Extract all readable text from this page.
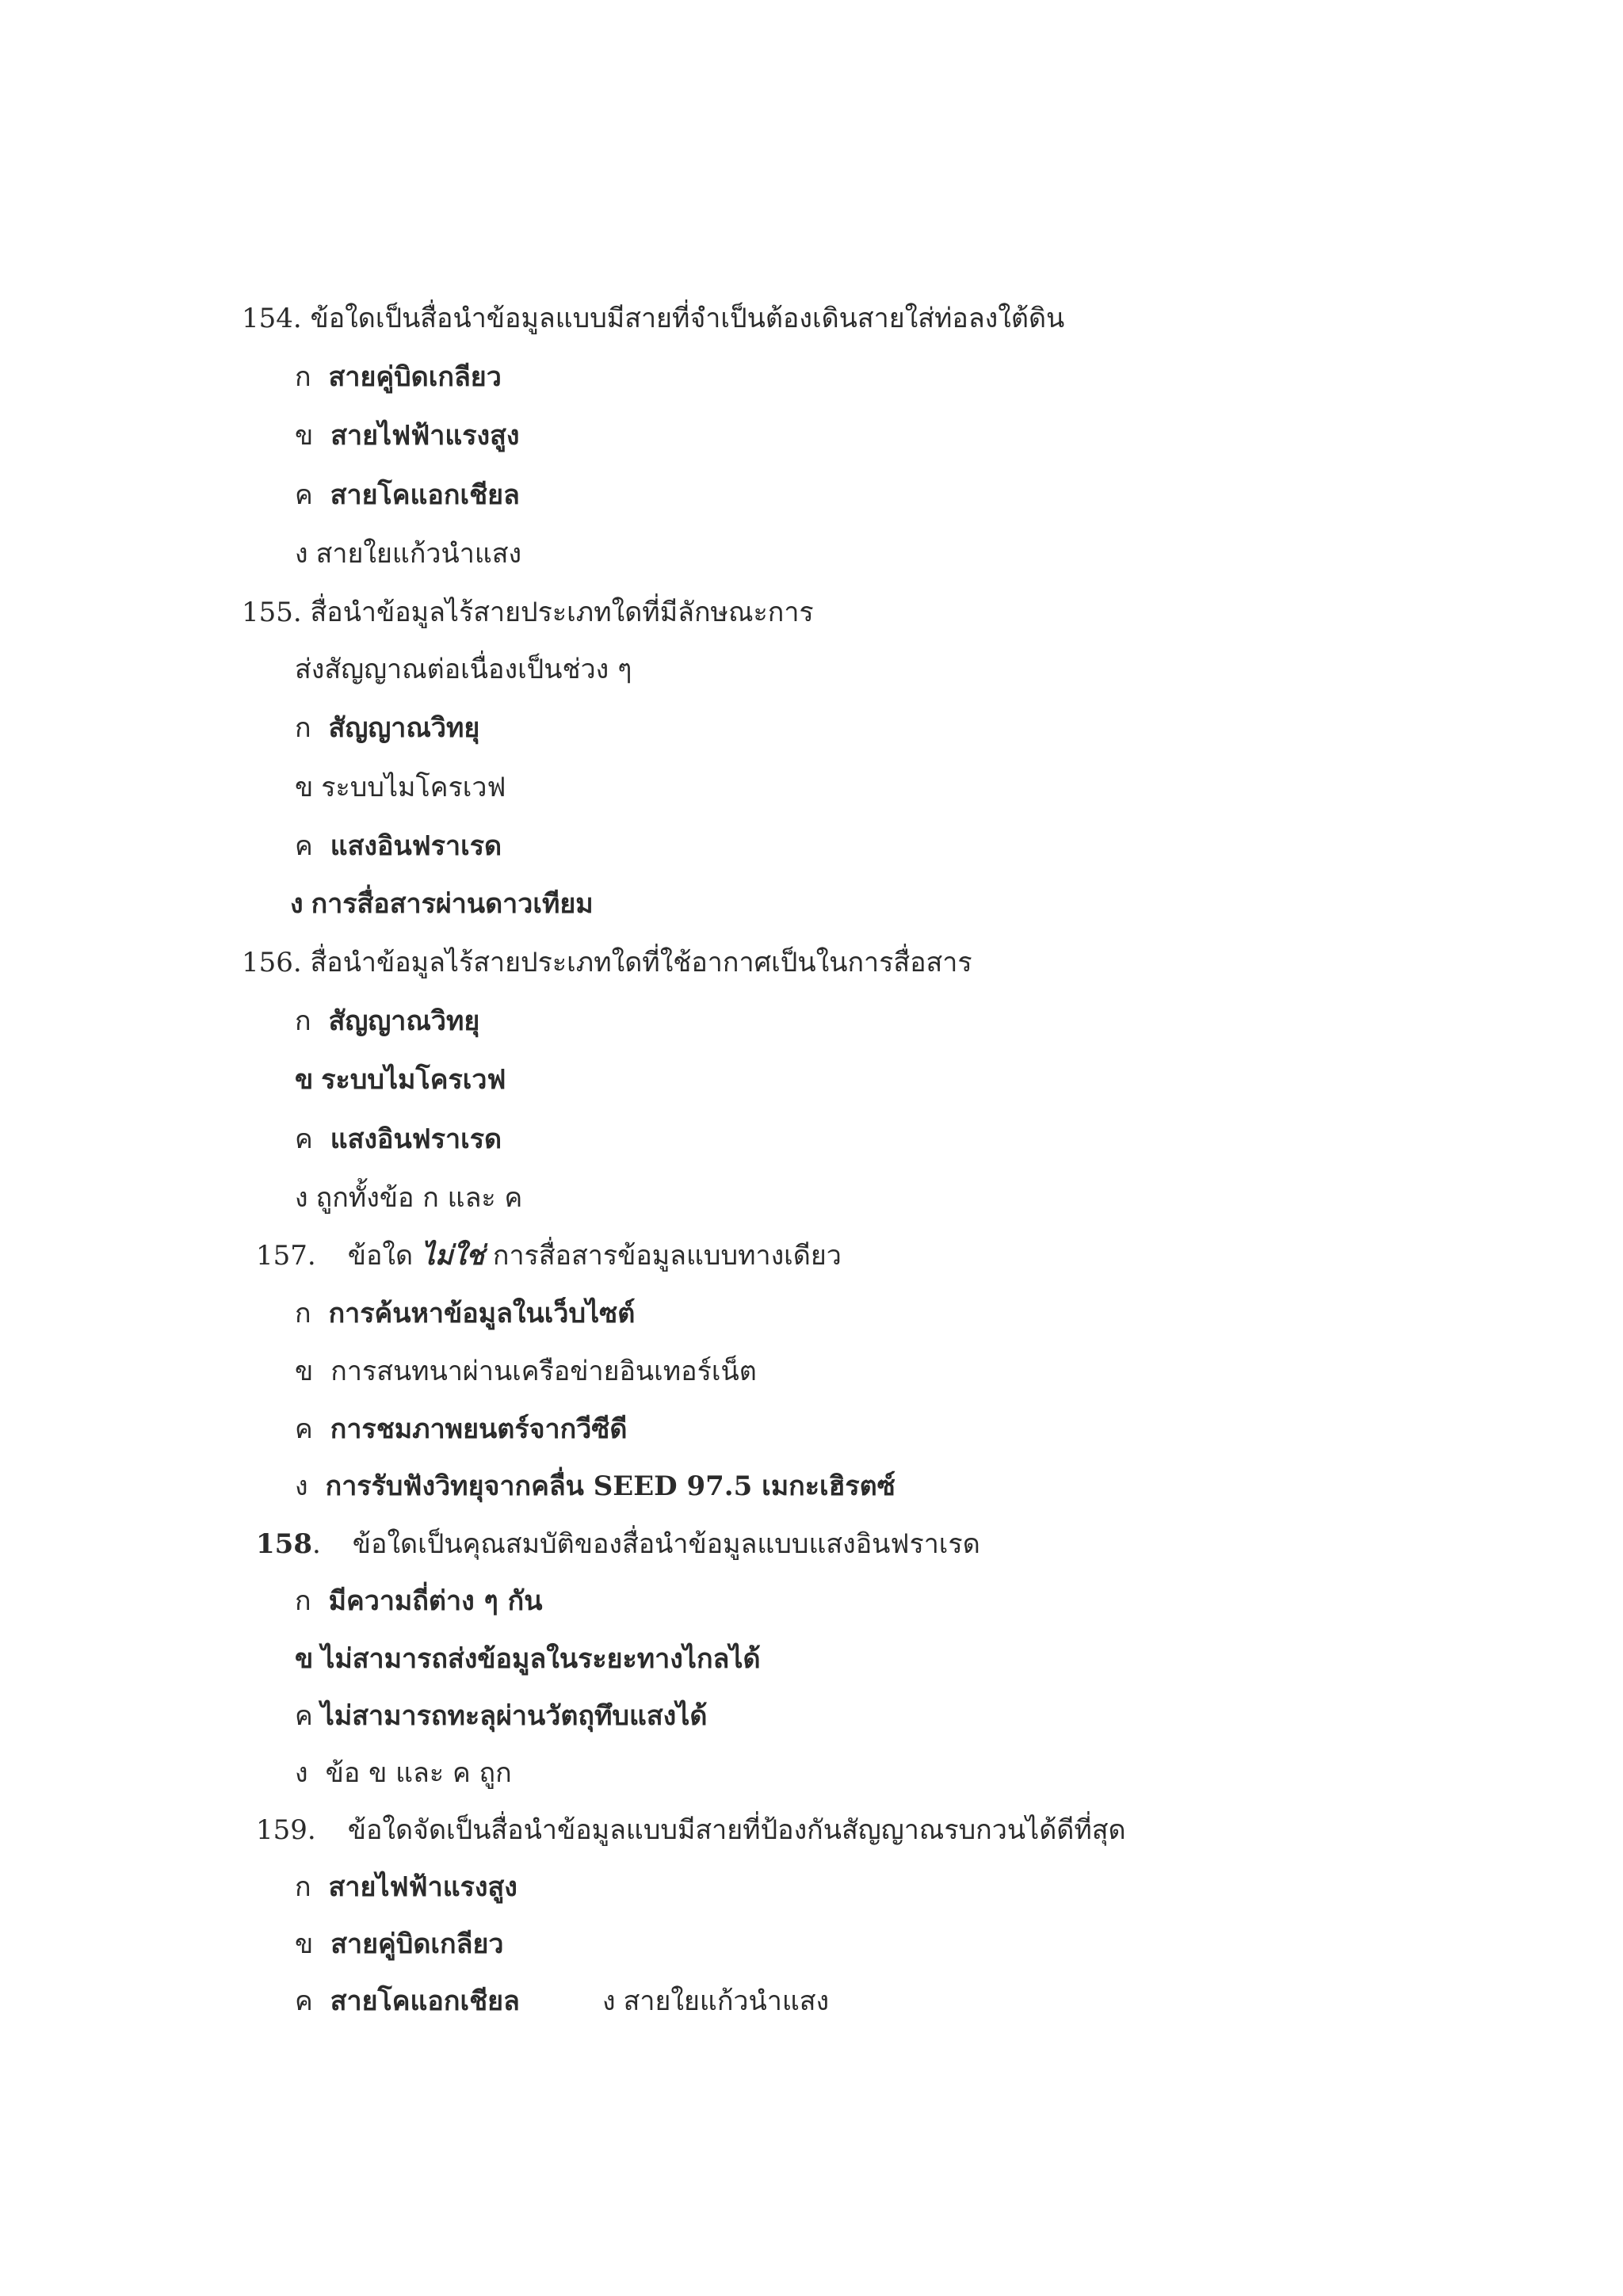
154. ข้อใดเป็นสื่อนำข้อมูลแบบมีสายที่จำเป็นต้องเดินสายใส่ท่อลงใต้ดิน
ก สายคู่บิดเกลียว
ข สายไฟฟ้าแรงสูง
ค สายโคแอกเชียล
ง สายใยแก้วนำแสง
155. สื่อนำข้อมูลไร้สายประเภทใดที่มีลักษณะการ
ส่งสัญญาณต่อเนื่องเป็นช่วง ๆ
ก สัญญาณวิทยุ
ข ระบบไมโครเวฟ
ค แสงอินฟราเรด
ง การสื่อสารผ่านดาวเทียม
156. สื่อนำข้อมูลไร้สายประเภทใดที่ใช้อากาศเป็นในการสื่อสาร
ก สัญญาณวิทยุ
ข ระบบไมโครเวฟ
ค แสงอินฟราเรด
ง ถูกทั้งข้อ ก และ ค
157. ข้อใด ไม่ใช่ การสื่อสารข้อมูลแบบทางเดียว
ก การค้นหาข้อมูลในเว็บไซต์
ข การสนทนาผ่านเครือข่ายอินเทอร์เน็ต
ค การชมภาพยนตร์จากวีซีดี
ง การรับฟังวิทยุจากคลื่น SEED 97.5 เมกะเฮิรตซ์
158. ข้อใดเป็นคุณสมบัติของสื่อนำข้อมูลแบบแสงอินฟราเรด
ก มีความถี่ต่าง ๆ กัน
ข ไม่สามารถส่งข้อมูลในระยะทางไกลได้
ค ไม่สามารถทะลุผ่านวัตถุทึบแสงได้
ง ข้อ ข และ ค ถูก
159. ข้อใดจัดเป็นสื่อนำข้อมูลแบบมีสายที่ป้องกันสัญญาณรบกวนได้ดีที่สุด
ก สายไฟฟ้าแรงสูง
ข สายคู่บิดเกลียว
ค สายโคแอกเชียล	ง สายใยแก้วนำแสง
